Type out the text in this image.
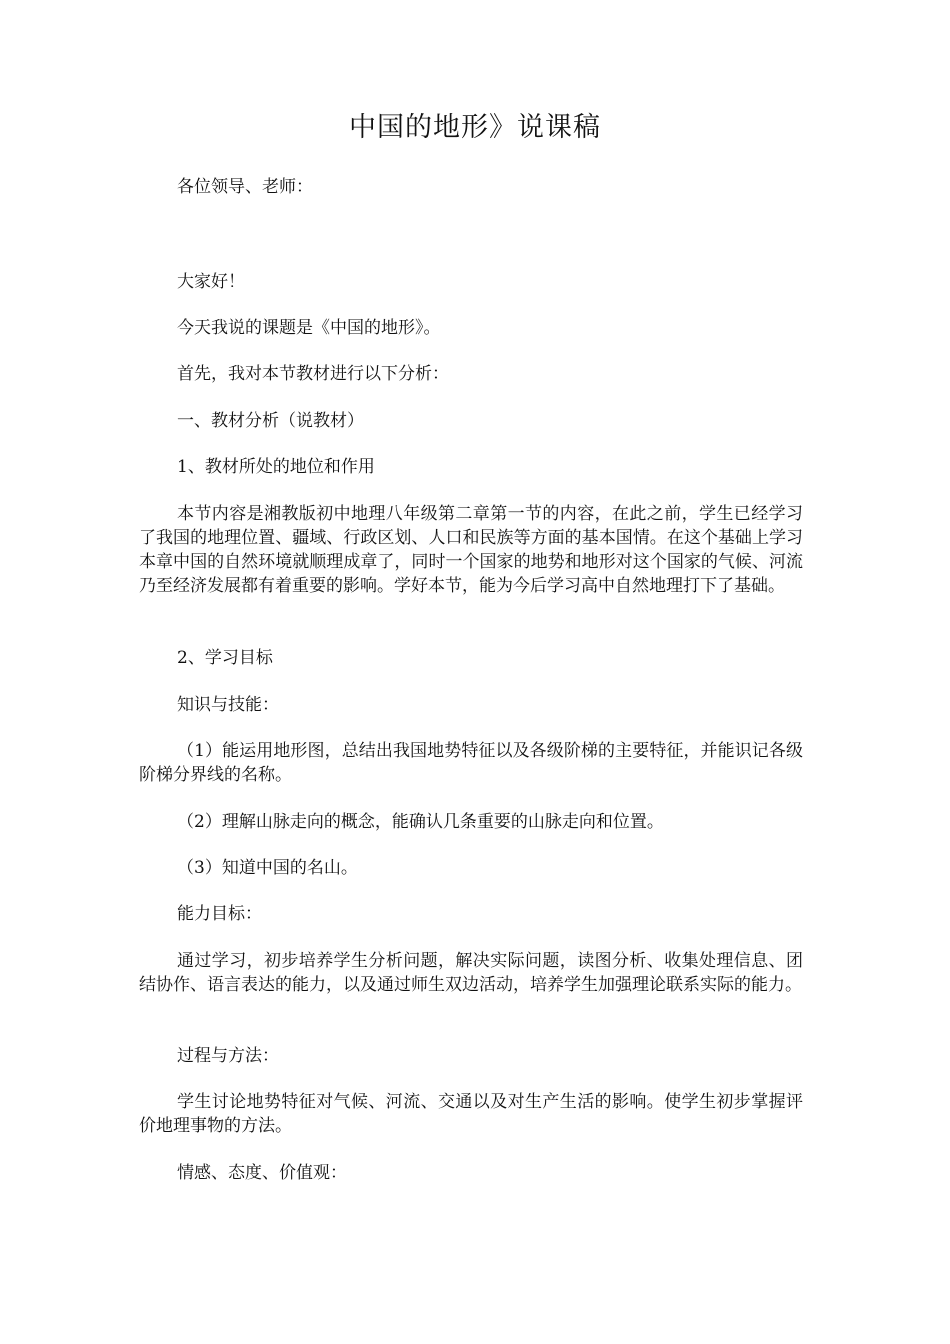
中国的地形》说课稿

各位领导、老师：

大家好！

今天我说的课题是《中国的地形》。

首先，我对本节教材进行以下分析：

一、教材分析（说教材）

1、教材所处的地位和作用

本节内容是湘教版初中地理八年级第二章第一节的内容，在此之前，学生已经学习了我国的地理位置、疆域、行政区划、人口和民族等方面的基本国情。在这个基础上学习本章中国的自然环境就顺理成章了，同时一个国家的地势和地形对这个国家的气候、河流乃至经济发展都有着重要的影响。学好本节，能为今后学习高中自然地理打下了基础。

2、学习目标

知识与技能：

（1）能运用地形图，总结出我国地势特征以及各级阶梯的主要特征，并能识记各级阶梯分界线的名称。

（2）理解山脉走向的概念，能确认几条重要的山脉走向和位置。

（3）知道中国的名山。

能力目标：

通过学习，初步培养学生分析问题，解决实际问题，读图分析、收集处理信息、团结协作、语言表达的能力，以及通过师生双边活动，培养学生加强理论联系实际的能力。

过程与方法：

学生讨论地势特征对气候、河流、交通以及对生产生活的影响。使学生初步掌握评价地理事物的方法。

情感、态度、价值观：
